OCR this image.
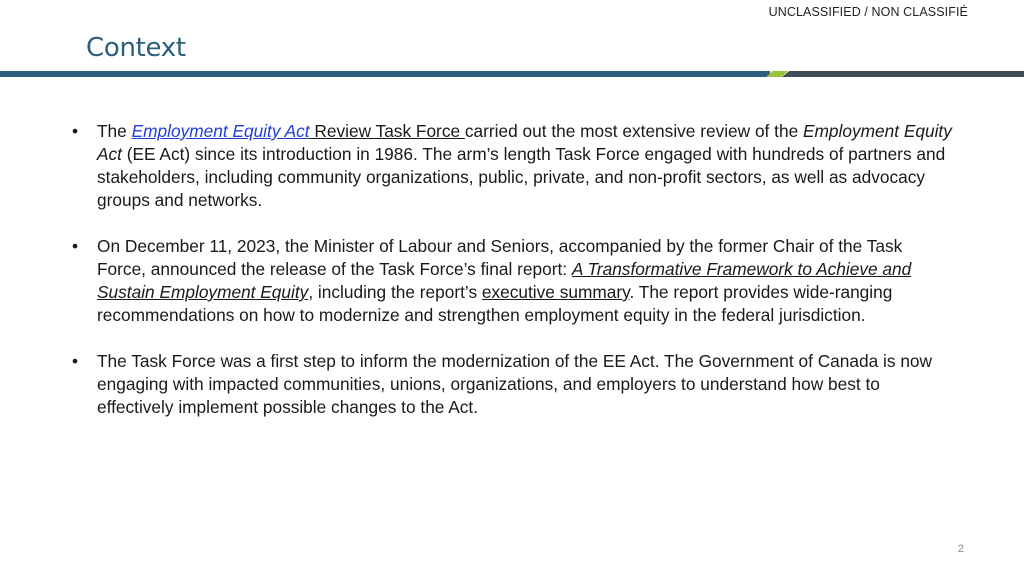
UNCLASSIFIED / NON CLASSIFIÉ
Context
• The Employment Equity Act Review Task Force carried out the most extensive review of the Employment Equity Act (EE Act) since its introduction in 1986. The arm’s length Task Force engaged with hundreds of partners and stakeholders, including community organizations, public, private, and non-profit sectors, as well as advocacy groups and networks.
• On December 11, 2023, the Minister of Labour and Seniors, accompanied by the former Chair of the Task Force, announced the release of the Task Force’s final report: A Transformative Framework to Achieve and Sustain Employment Equity, including the report’s executive summary. The report provides wide-ranging recommendations on how to modernize and strengthen employment equity in the federal jurisdiction.
• The Task Force was a first step to inform the modernization of the EE Act. The Government of Canada is now engaging with impacted communities, unions, organizations, and employers to understand how best to effectively implement possible changes to the Act.
2
